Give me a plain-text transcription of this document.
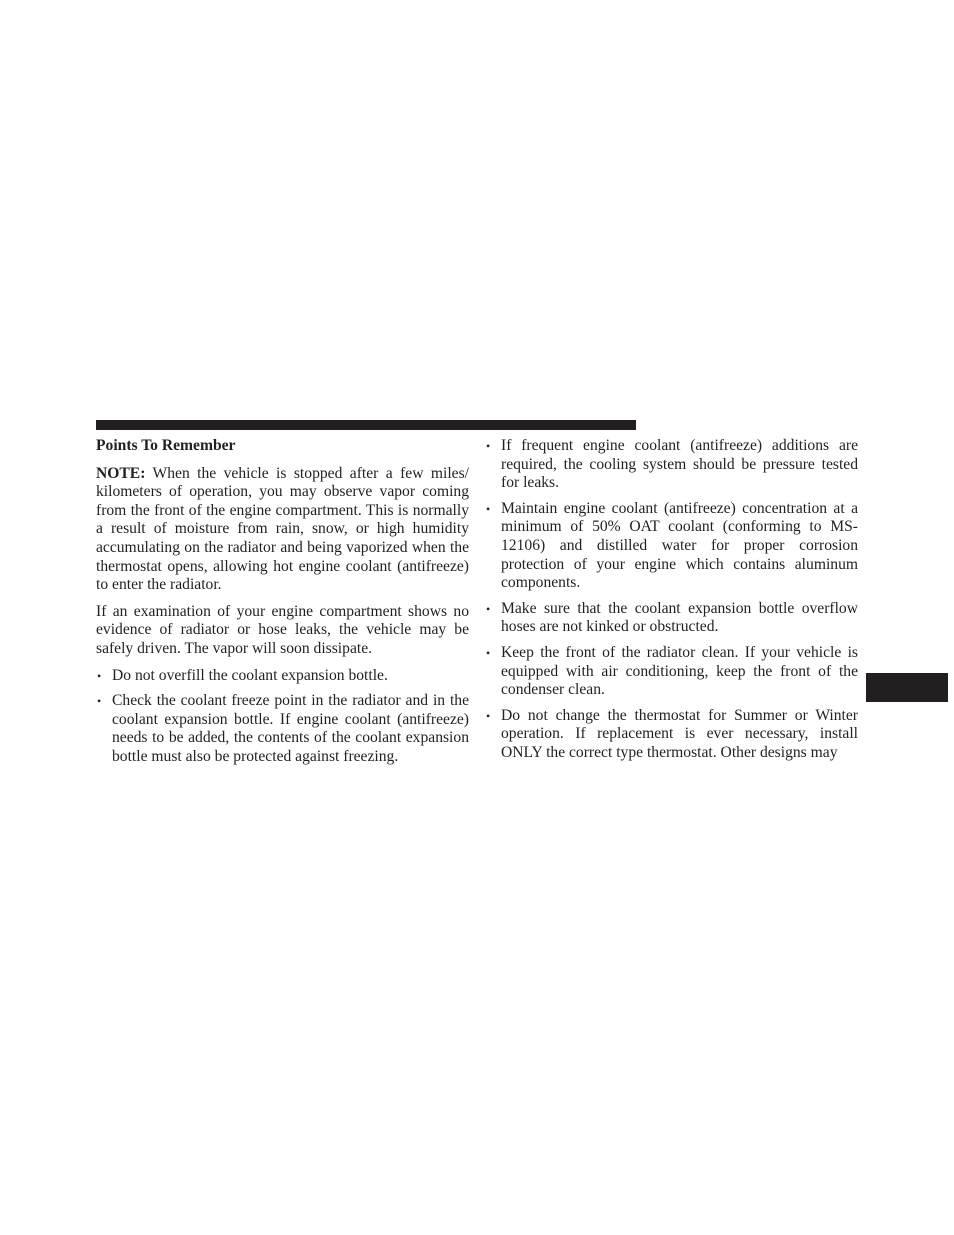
Points To Remember

NOTE: When the vehicle is stopped after a few miles/ kilometers of operation, you may observe vapor coming from the front of the engine compartment. This is normally a result of moisture from rain, snow, or high humidity accumulating on the radiator and being vaporized when the thermostat opens, allowing hot engine coolant (antifreeze) to enter the radiator.

If an examination of your engine compartment shows no evidence of radiator or hose leaks, the vehicle may be safely driven. The vapor will soon dissipate.

• Do not overfill the coolant expansion bottle.
• Check the coolant freeze point in the radiator and in the coolant expansion bottle. If engine coolant (antifreeze) needs to be added, the contents of the coolant expansion bottle must also be protected against freezing.
• If frequent engine coolant (antifreeze) additions are required, the cooling system should be pressure tested for leaks.
• Maintain engine coolant (antifreeze) concentration at a minimum of 50% OAT coolant (conforming to MS-12106) and distilled water for proper corrosion protection of your engine which contains aluminum components.
• Make sure that the coolant expansion bottle overflow hoses are not kinked or obstructed.
• Keep the front of the radiator clean. If your vehicle is equipped with air conditioning, keep the front of the condenser clean.
• Do not change the thermostat for Summer or Winter operation. If replacement is ever necessary, install ONLY the correct type thermostat. Other designs may
